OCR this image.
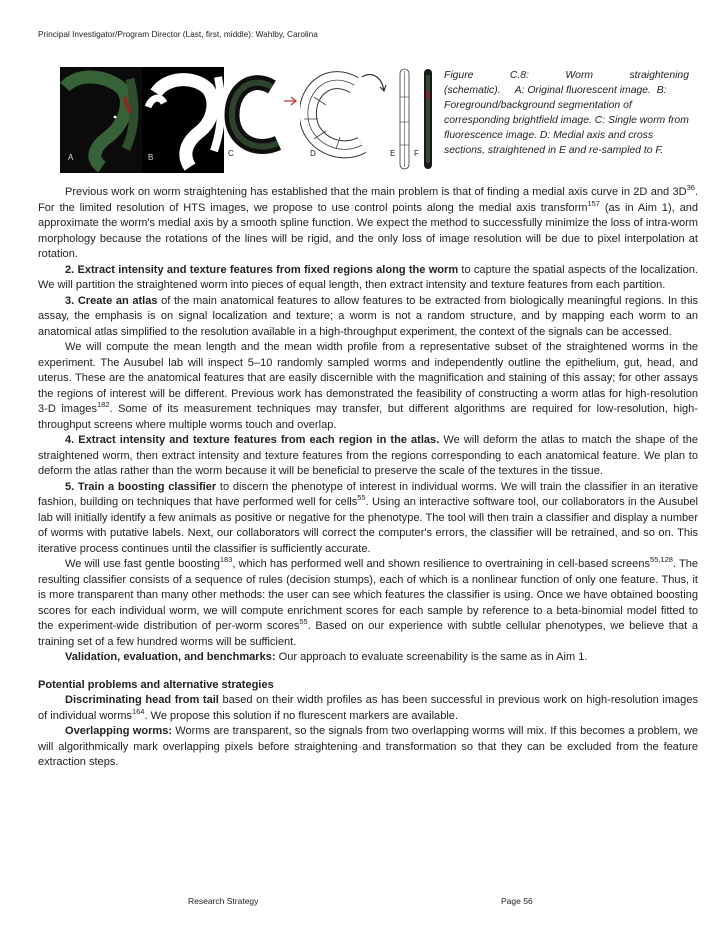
Principal Investigator/Program Director (Last, first, middle): Wahlby, Carolina
A	B	C	D	E F
Figure	C.8:	Worm	straightening
(schematic).     A: Original fluorescent image.  B: Foreground/background segmentation of corresponding brightfield image. C: Single worm from fluorescence image. D: Medial axis and cross sections, straightened in E and re-sampled to F.

Previous work on worm straightening has established that the main problem is that of finding a medial axis curve in 2D and $3D^{36}$. For the limited resolution of HTS images, we propose to use control points along the medial axis transform$^{157}$ (as in Aim 1), and approximate the worm's medial axis by a smooth spline function. We expect the method to successfully minimize the loss of intra-worm morphology because the rotations of the lines will be rigid, and the only loss of image resolution will be due to pixel interpolation at rotation.

2. Extract intensity and texture features from fixed regions along the worm to capture the spatial aspects of the localization. We will partition the straightened worm into pieces of equal length, then extract intensity and texture features from each partition.

3. Create an atlas of the main anatomical features to allow features to be extracted from biologically meaningful regions. In this assay, the emphasis is on signal localization and texture; a worm is not a random structure, and by mapping each worm to an anatomical atlas simplified to the resolution available in a high-throughput experiment, the context of the signals can be accessed.

We will compute the mean length and the mean width profile from a representative subset of the straightened worms in the experiment. The Ausubel lab will inspect 5–10 randomly sampled worms and independently outline the epithelium, gut, head, and uterus. These are the anatomical features that are easily discernible with the magnification and staining of this assay; for other assays the regions of interest will be different. Previous work has demonstrated the feasibility of constructing a worm atlas for high-resolution 3-D images$^{182}$. Some of its measurement techniques may transfer, but different algorithms are required for low-resolution, high-throughput screens where multiple worms touch and overlap.

4. Extract intensity and texture features from each region in the atlas. We will deform the atlas to match the shape of the straightened worm, then extract intensity and texture features from the regions corresponding to each anatomical feature. We plan to deform the atlas rather than the worm because it will be beneficial to preserve the scale of the textures in the tissue.

5. Train a boosting classifier to discern the phenotype of interest in individual worms. We will train the classifier in an iterative fashion, building on techniques that have performed well for cells$^{55}$. Using an interactive software tool, our collaborators in the Ausubel lab will initially identify a few animals as positive or negative for the phenotype. The tool will then train a classifier and display a number of worms with putative labels. Next, our collaborators will correct the computer's errors, the classifier will be retrained, and so on. This iterative process continues until the classifier is sufficiently accurate.

We will use fast gentle boosting$^{183}$, which has performed well and shown resilience to overtraining in cell-based screens$^{55,128}$. The resulting classifier consists of a sequence of rules (decision stumps), each of which is a nonlinear function of only one feature. Thus, it is more transparent than many other methods: the user can see which features the classifier is using. Once we have obtained boosting scores for each individual worm, we will compute enrichment scores for each sample by reference to a beta-binomial model fitted to the experiment-wide distribution of per-worm scores$^{55}$. Based on our experience with subtle cellular phenotypes, we believe that a training set of a few hundred worms will be sufficient.

Validation, evaluation, and benchmarks: Our approach to evaluate screenability is the same as in Aim 1.

Potential problems and alternative strategies

Discriminating head from tail based on their width profiles as has been successful in previous work on high-resolution images of individual worms$^{164}$. We propose this solution if no flurescent markers are available.

Overlapping worms: Worms are transparent, so the signals from two overlapping worms will mix. If this becomes a problem, we will algorithmically mark overlapping pixels before straightening and transformation so that they can be excluded from the feature extraction steps.

Research Strategy	Page 56
